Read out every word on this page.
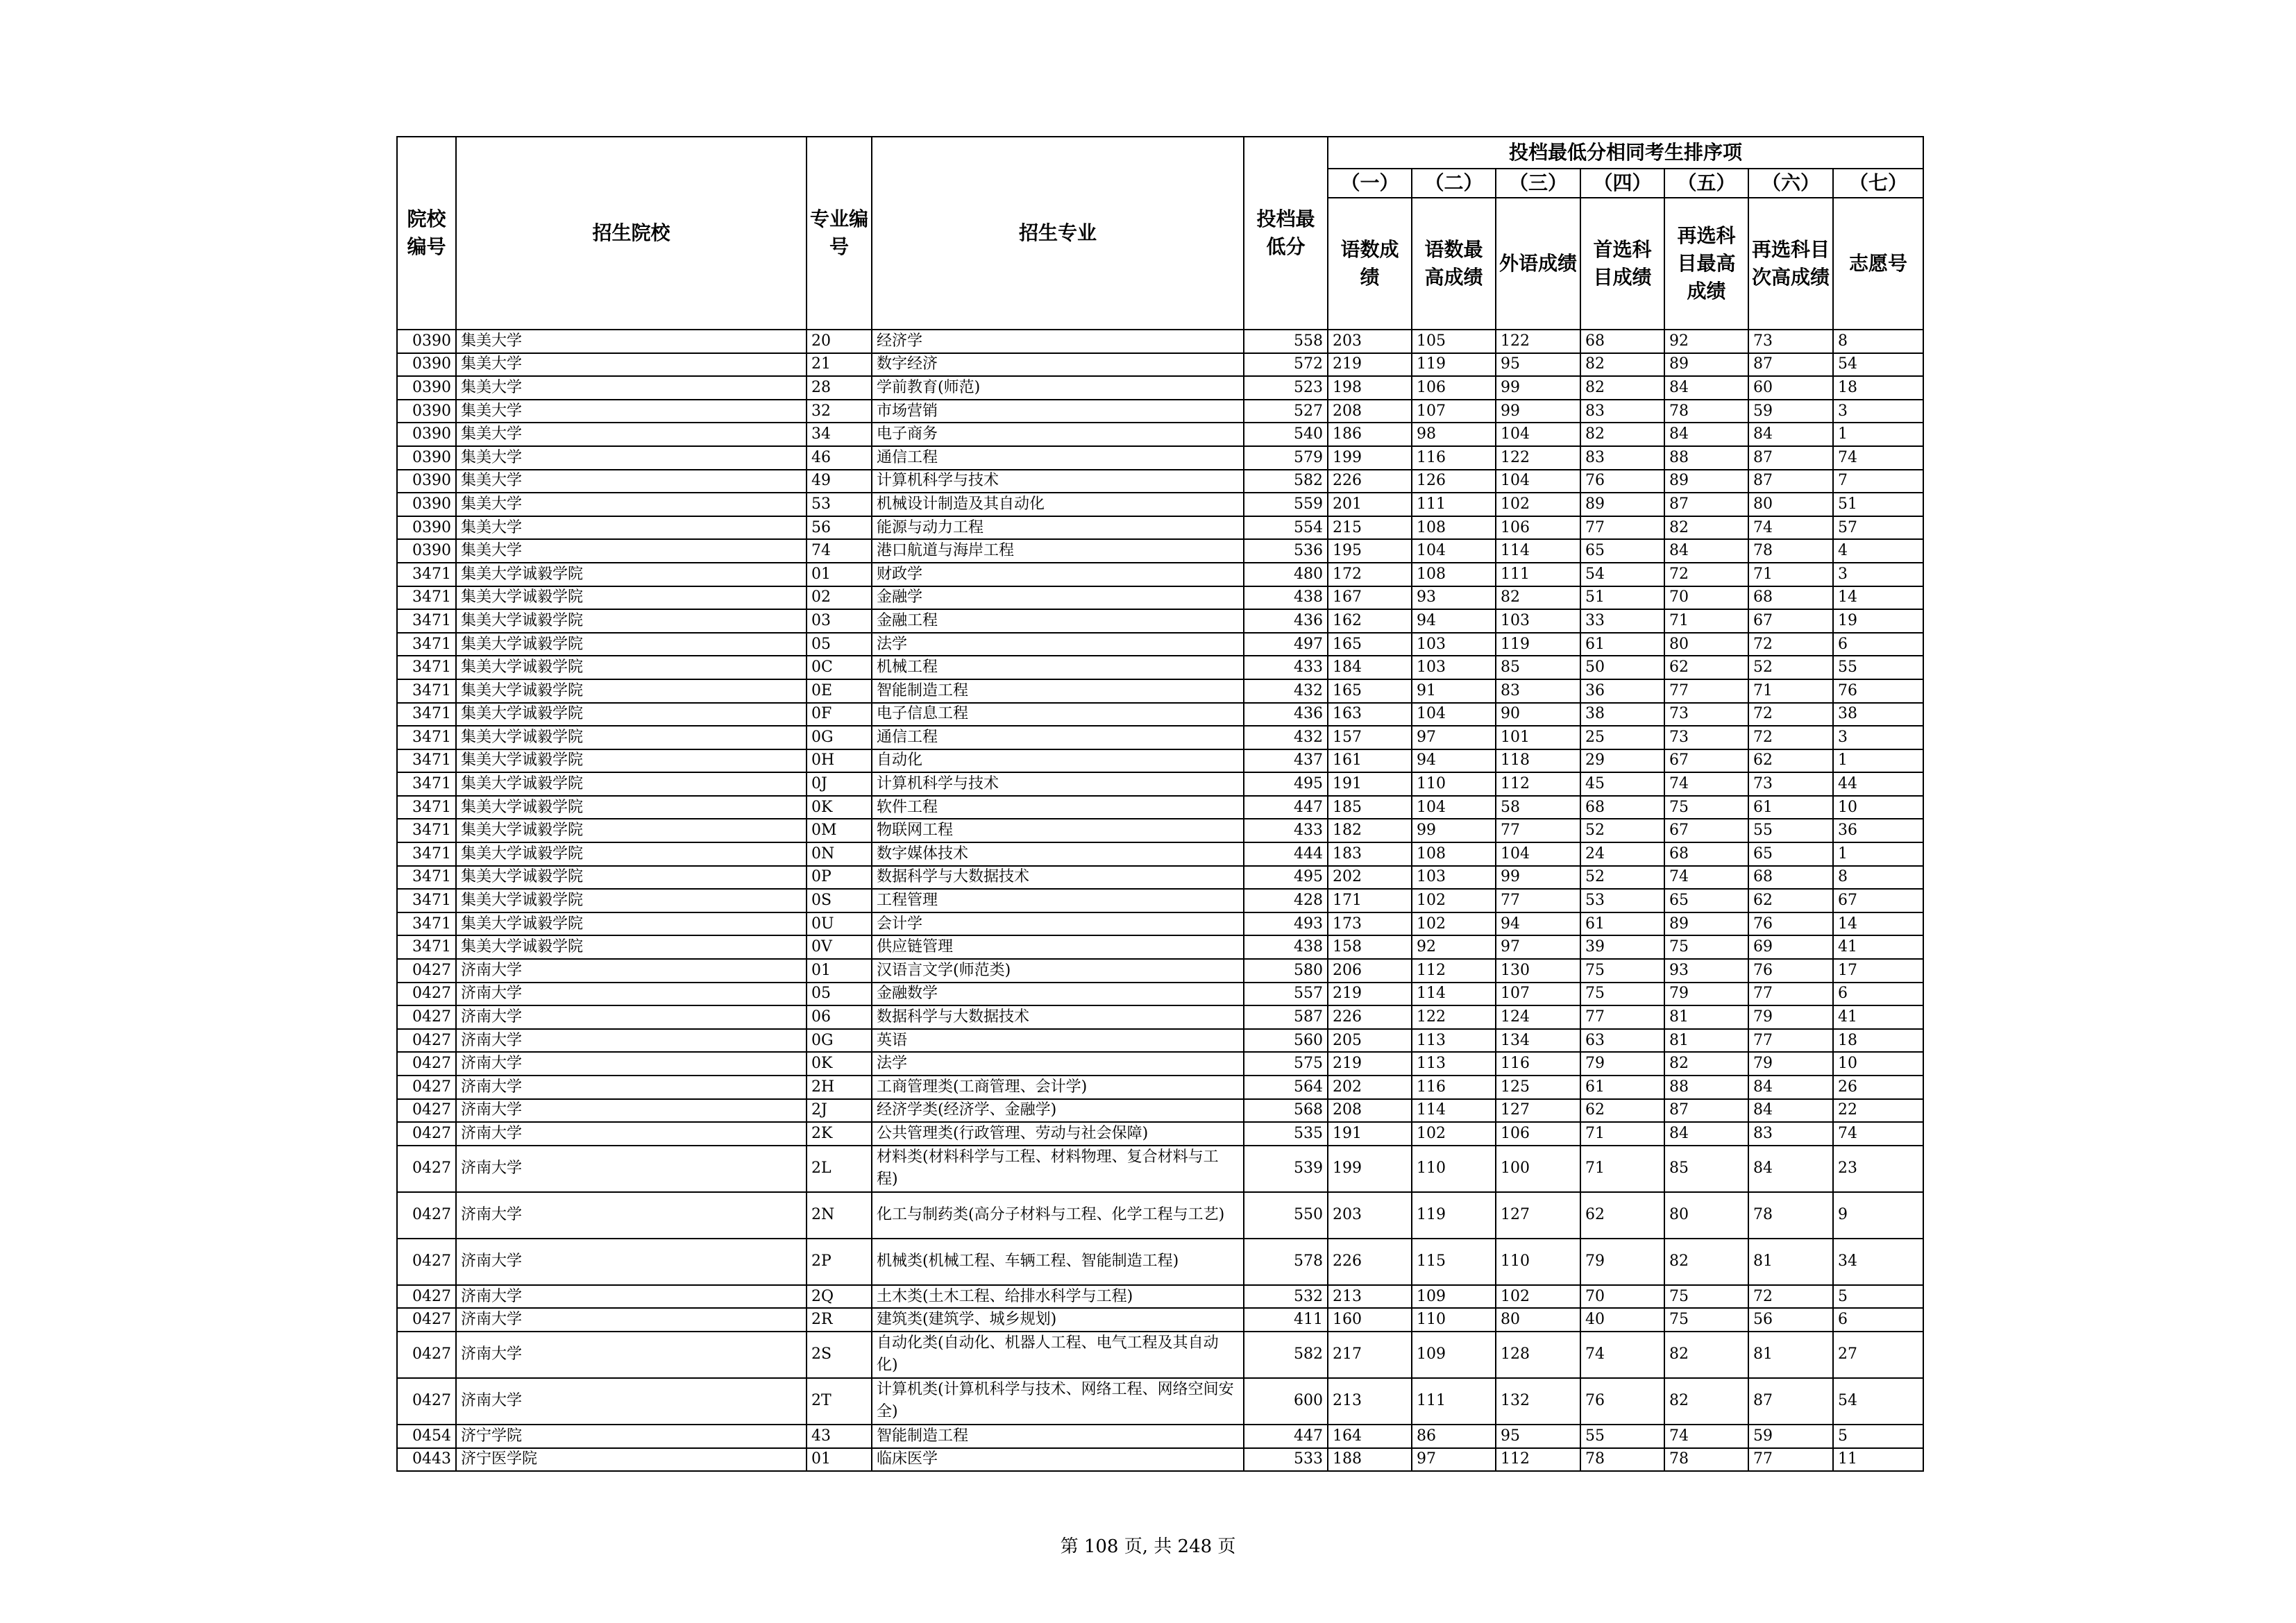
院校编号	招生院校	专业编号	招生专业	投档最低分	投档最低分相同考生排序项						
					（一）	（二）	（三）	（四）	（五）	（六）	（七）
					语数成绩	语数最高成绩	外语成绩	首选科目成绩	再选科目最高成绩	再选科目次高成绩	志愿号
0390	集美大学	20	经济学	558	203	105	122	68	92	73	8
0390	集美大学	21	数字经济	572	219	119	95	82	89	87	54
0390	集美大学	28	学前教育(师范)	523	198	106	99	82	84	60	18
0390	集美大学	32	市场营销	527	208	107	99	83	78	59	3
0390	集美大学	34	电子商务	540	186	98	104	82	84	84	1
0390	集美大学	46	通信工程	579	199	116	122	83	88	87	74
0390	集美大学	49	计算机科学与技术	582	226	126	104	76	89	87	7
0390	集美大学	53	机械设计制造及其自动化	559	201	111	102	89	87	80	51
0390	集美大学	56	能源与动力工程	554	215	108	106	77	82	74	57
0390	集美大学	74	港口航道与海岸工程	536	195	104	114	65	84	78	4
3471	集美大学诚毅学院	01	财政学	480	172	108	111	54	72	71	3
3471	集美大学诚毅学院	02	金融学	438	167	93	82	51	70	68	14
3471	集美大学诚毅学院	03	金融工程	436	162	94	103	33	71	67	19
3471	集美大学诚毅学院	05	法学	497	165	103	119	61	80	72	6
3471	集美大学诚毅学院	0C	机械工程	433	184	103	85	50	62	52	55
3471	集美大学诚毅学院	0E	智能制造工程	432	165	91	83	36	77	71	76
3471	集美大学诚毅学院	0F	电子信息工程	436	163	104	90	38	73	72	38
3471	集美大学诚毅学院	0G	通信工程	432	157	97	101	25	73	72	3
3471	集美大学诚毅学院	0H	自动化	437	161	94	118	29	67	62	1
3471	集美大学诚毅学院	0J	计算机科学与技术	495	191	110	112	45	74	73	44
3471	集美大学诚毅学院	0K	软件工程	447	185	104	58	68	75	61	10
3471	集美大学诚毅学院	0M	物联网工程	433	182	99	77	52	67	55	36
3471	集美大学诚毅学院	0N	数字媒体技术	444	183	108	104	24	68	65	1
3471	集美大学诚毅学院	0P	数据科学与大数据技术	495	202	103	99	52	74	68	8
3471	集美大学诚毅学院	0S	工程管理	428	171	102	77	53	65	62	67
3471	集美大学诚毅学院	0U	会计学	493	173	102	94	61	89	76	14
3471	集美大学诚毅学院	0V	供应链管理	438	158	92	97	39	75	69	41
0427	济南大学	01	汉语言文学(师范类)	580	206	112	130	75	93	76	17
0427	济南大学	05	金融数学	557	219	114	107	75	79	77	6
0427	济南大学	06	数据科学与大数据技术	587	226	122	124	77	81	79	41
0427	济南大学	0G	英语	560	205	113	134	63	81	77	18
0427	济南大学	0K	法学	575	219	113	116	79	82	79	10
0427	济南大学	2H	工商管理类(工商管理、会计学)	564	202	116	125	61	88	84	26
0427	济南大学	2J	经济学类(经济学、金融学)	568	208	114	127	62	87	84	22
0427	济南大学	2K	公共管理类(行政管理、劳动与社会保障)	535	191	102	106	71	84	83	74
0427	济南大学	2L	材料类(材料科学与工程、材料物理、复合材料与工程)	539	199	110	100	71	85	84	23
0427	济南大学	2N	化工与制药类(高分子材料与工程、化学工程与工艺)	550	203	119	127	62	80	78	9
0427	济南大学	2P	机械类(机械工程、车辆工程、智能制造工程)	578	226	115	110	79	82	81	34
0427	济南大学	2Q	土木类(土木工程、给排水科学与工程)	532	213	109	102	70	75	72	5
0427	济南大学	2R	建筑类(建筑学、城乡规划)	411	160	110	80	40	75	56	6
0427	济南大学	2S	自动化类(自动化、机器人工程、电气工程及其自动化)	582	217	109	128	74	82	81	27
0427	济南大学	2T	计算机类(计算机科学与技术、网络工程、网络空间安全)	600	213	111	132	76	82	87	54
0454	济宁学院	43	智能制造工程	447	164	86	95	55	74	59	5
0443	济宁医学院	01	临床医学	533	188	97	112	78	78	77	11
第 108 页, 共 248 页
